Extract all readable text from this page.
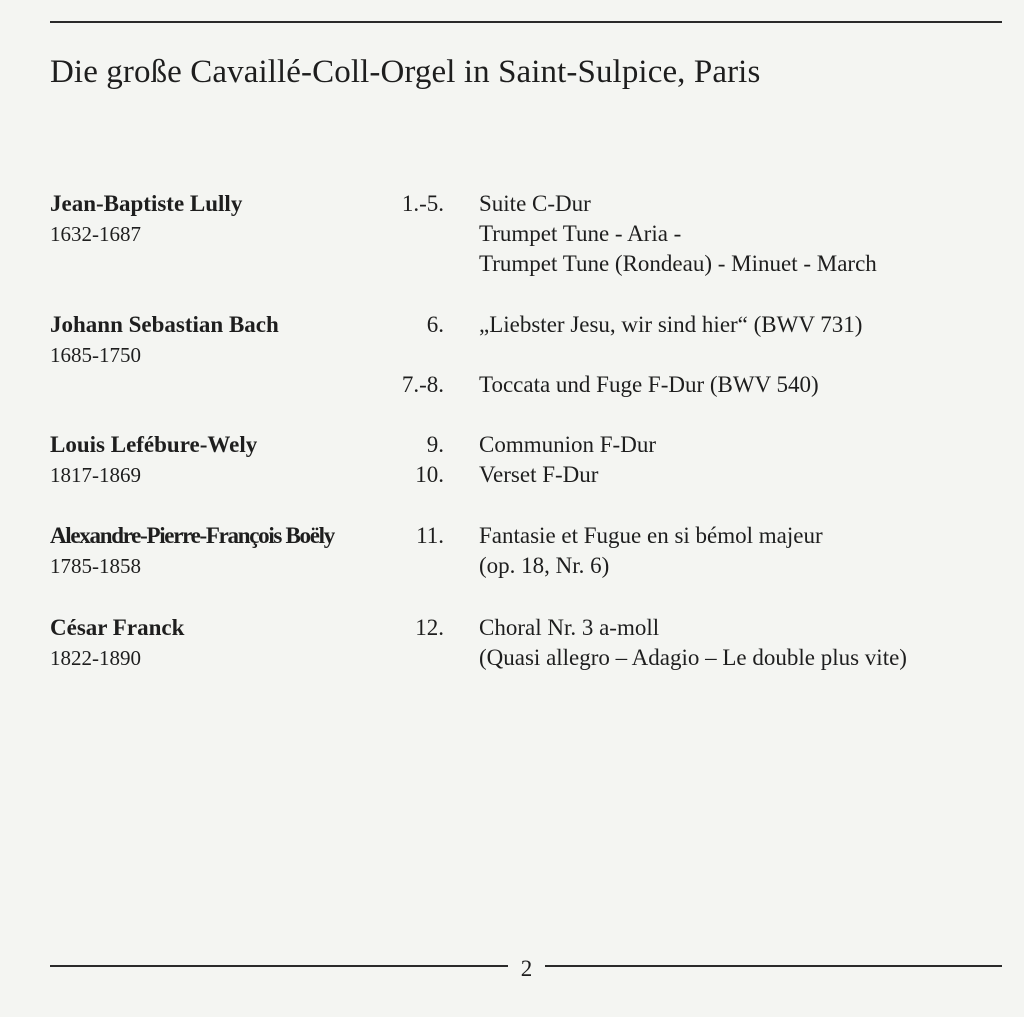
Die große Cavaillé-Coll-Orgel in Saint-Sulpice, Paris
Jean-Baptiste Lully
1632-1687
1.-5. Suite C-Dur
Trumpet Tune - Aria -
Trumpet Tune (Rondeau) - Minuet - March
Johann Sebastian Bach
1685-1750
6. „Liebster Jesu, wir sind hier“ (BWV 731)
7.-8. Toccata und Fuge F-Dur (BWV 540)
Louis Lefébure-Wely
1817-1869
9. Communion F-Dur
10. Verset F-Dur
Alexandre-Pierre-François Boëly
1785-1858
11. Fantasie et Fugue en si bémol majeur
(op. 18, Nr. 6)
César Franck
1822-1890
12. Choral Nr. 3 a-moll
(Quasi allegro – Adagio – Le double plus vite)
2
